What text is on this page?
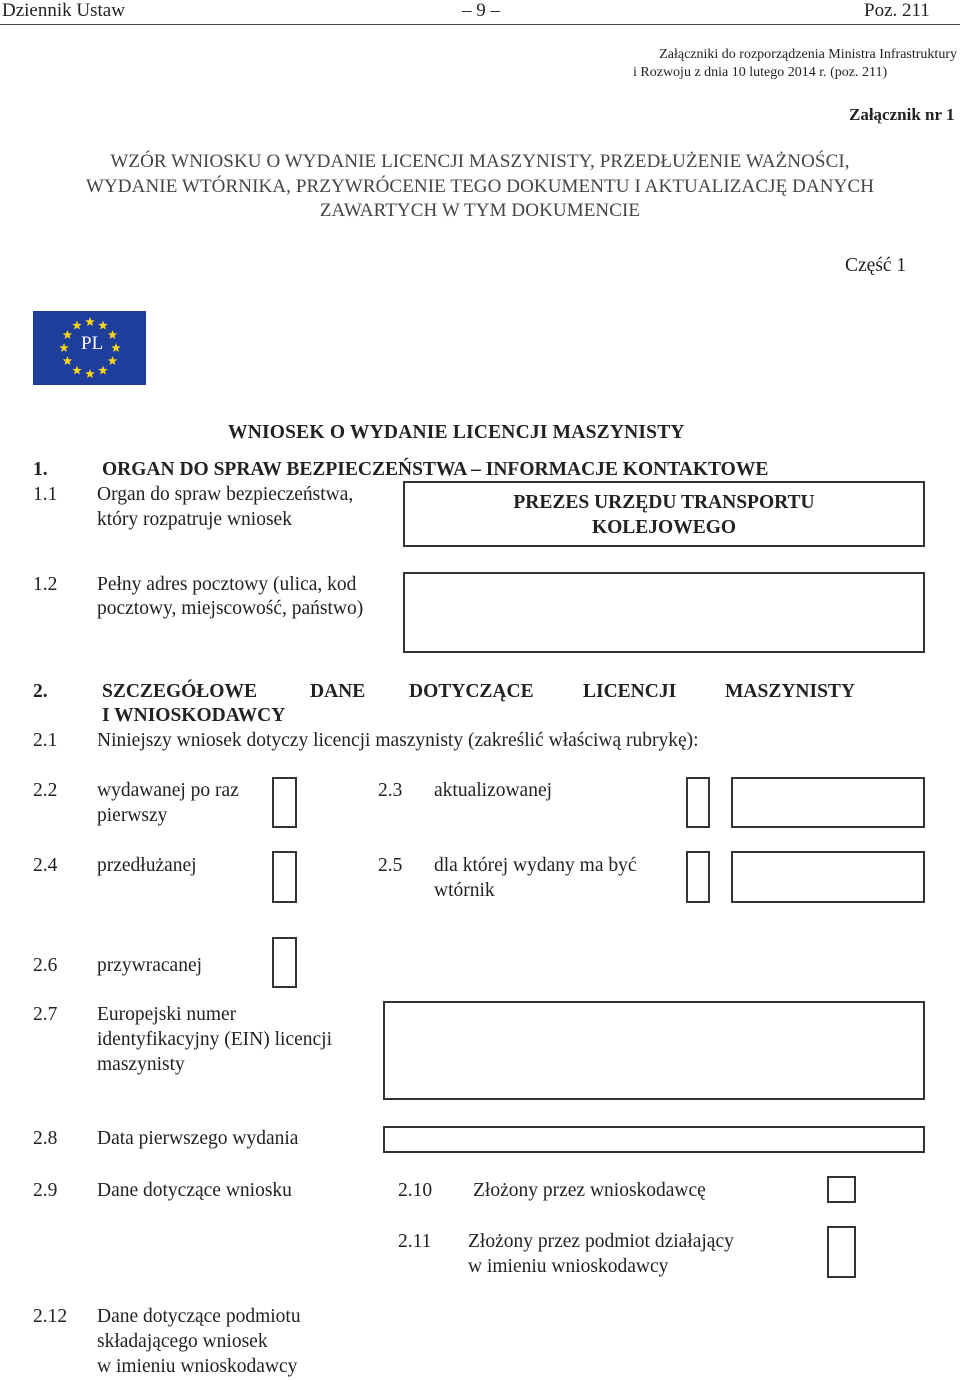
Dziennik Ustaw	– 9 –	Poz. 211
Załączniki do rozporządzenia Ministra Infrastruktury
i Rozwoju z dnia 10 lutego 2014 r. (poz. 211)
Załącznik nr 1
WZÓR WNIOSKU O WYDANIE LICENCJI MASZYNISTY, PRZEDŁUŻENIE WAŻNOŚCI,
WYDANIE WTÓRNIKA, PRZYWRÓCENIE TEGO DOKUMENTU I AKTUALIZACJĘ DANYCH
ZAWARTYCH W TYM DOKUMENCIE
Część 1
PL
WNIOSEK O WYDANIE LICENCJI MASZYNISTY
1.	ORGAN DO SPRAW BEZPIECZEŃSTWA – INFORMACJE KONTAKTOWE
1.1 Organ do spraw bezpieczeństwa,
który rozpatruje wniosek
PREZES URZĘDU TRANSPORTU
KOLEJOWEGO
1.2 Pełny adres pocztowy (ulica, kod
pocztowy, miejscowość, państwo)
2.	SZCZEGÓŁOWE	DANE DOTYCZĄCE	LICENCJI	MASZYNISTY
I WNIOSKODAWCY
2.1 Niniejszy wniosek dotyczy licencji maszynisty (zakreślić właściwą rubrykę):
2.2 wydawanej po raz
pierwszy
2.3 aktualizowanej
2.4 przedłużanej	2.5 dla której wydany ma być
wtórnik
2.6 przywracanej
2.7 Europejski numer
identyfikacyjny (EIN) licencji
maszynisty
2.8 Data pierwszego wydania
2.9 Dane dotyczące wniosku	2.10 Złożony przez wnioskodawcę
2.11 Złożony przez podmiot działający
w imieniu wnioskodawcy
2.12 Dane dotyczące podmiotu
składającego wniosek
w imieniu wnioskodawcy
